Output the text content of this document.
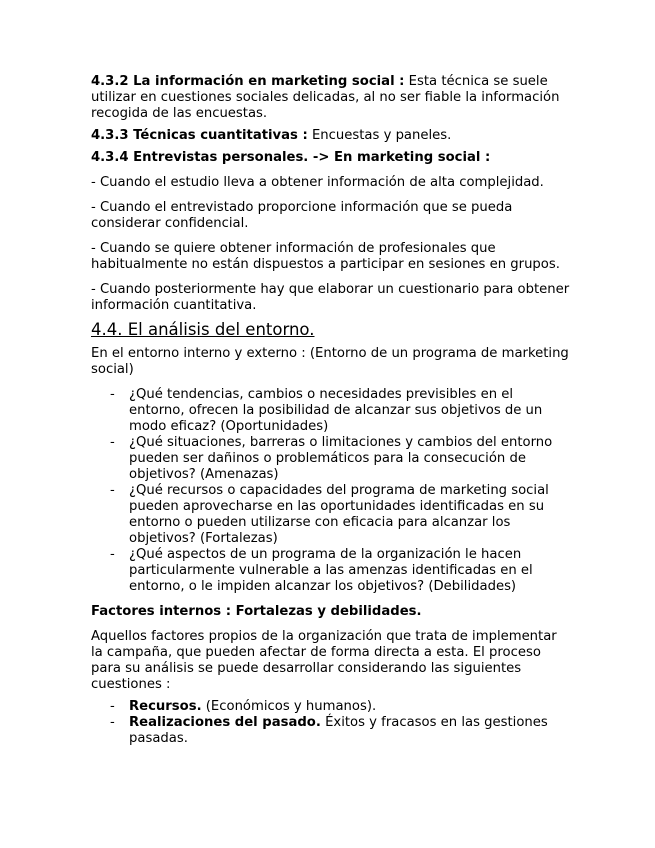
4.3.2 La información en marketing social : Esta técnica se suele utilizar en cuestiones sociales delicadas, al no ser fiable la información recogida de las encuestas.

4.3.3 Técnicas cuantitativas : Encuestas y paneles.

4.3.4 Entrevistas personales. -> En marketing social :

- Cuando el estudio lleva a obtener información de alta complejidad.

- Cuando el entrevistado proporcione información que se pueda considerar confidencial.

- Cuando se quiere obtener información de profesionales que habitualmente no están dispuestos a participar en sesiones en grupos.

- Cuando posteriormente hay que elaborar un cuestionario para obtener información cuantitativa.

4.4. El análisis del entorno.

En el entorno interno y externo : (Entorno de un programa de marketing social)

- ¿Qué tendencias, cambios o necesidades previsibles en el entorno, ofrecen la posibilidad de alcanzar sus objetivos de un modo eficaz? (Oportunidades)
- ¿Qué situaciones, barreras o limitaciones y cambios del entorno pueden ser dañinos o problemáticos para la consecución de objetivos? (Amenazas)
- ¿Qué recursos o capacidades del programa de marketing social pueden aprovecharse en las oportunidades identificadas en su entorno o pueden utilizarse con eficacia para alcanzar los objetivos? (Fortalezas)
- ¿Qué aspectos de un programa de la organización le hacen particularmente vulnerable a las amenzas identificadas en el entorno, o le impiden alcanzar los objetivos? (Debilidades)

Factores internos : Fortalezas y debilidades.

Aquellos factores propios de la organización que trata de implementar la campaña, que pueden afectar de forma directa a esta. El proceso para su análisis se puede desarrollar considerando las siguientes cuestiones :

- Recursos. (Económicos y humanos).
- Realizaciones del pasado. Éxitos y fracasos en las gestiones pasadas.
